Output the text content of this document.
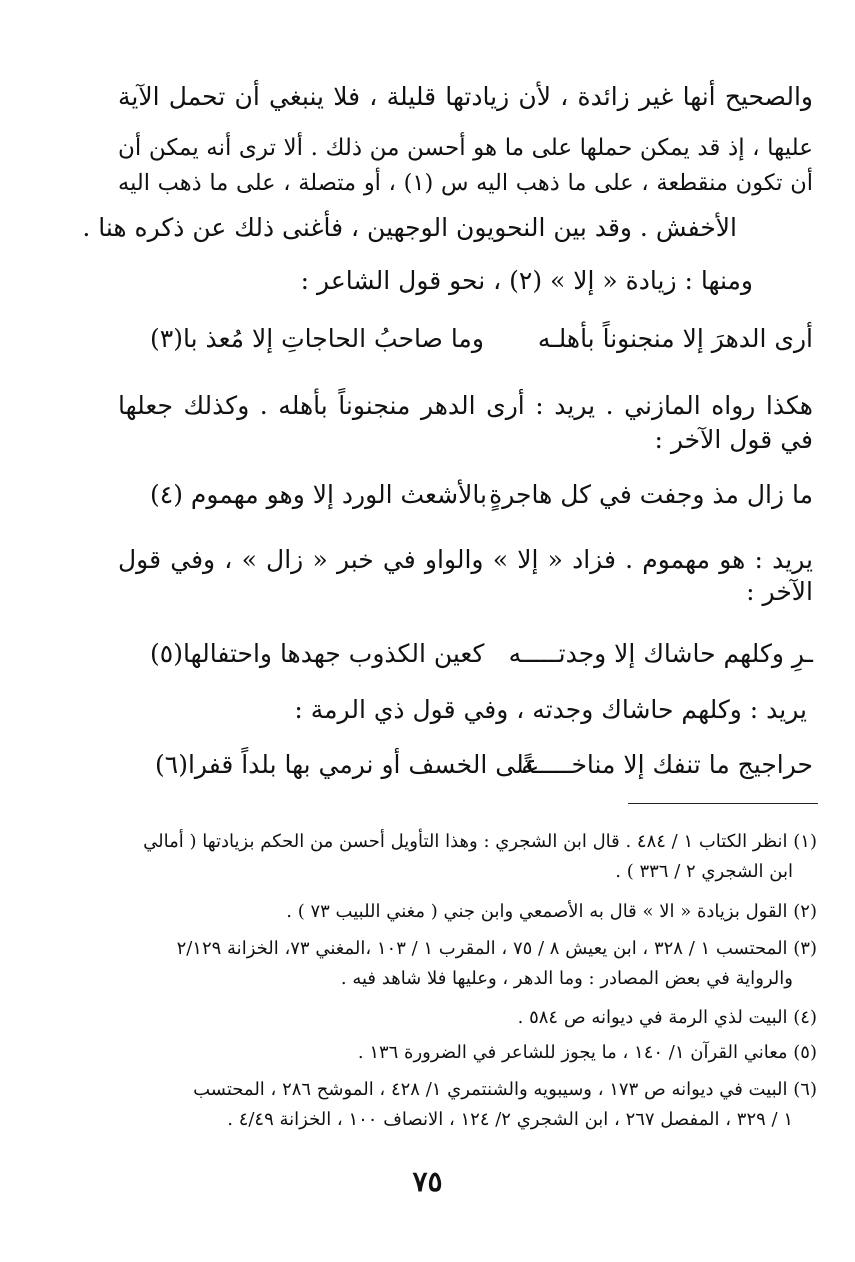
والصحيح أنها غير زائدة ، لأن زيادتها قليلة ، فلا ينبغي أن تحمل الآية
عليها ، إذ قد يمكن حملها على ما هو أحسن من ذلك . ألا ترى أنه يمكن أن
أن تكون منقطعة ، على ما ذهب اليه س (١) ، أو متصلة ، على ما ذهب اليه
الأخفش . وقد بين النحويون الوجهين ، فأغنى ذلك عن ذكره هنا .
ومنها : زيادة « إلا » (٢) ، نحو قول الشاعر :
أرى الدهرَ إلا منجنوناً بأهلـه
وما صاحبُ الحاجاتِ إلا مُعذ با(٣)
هكذا رواه المازني . يريد : أرى الدهر منجنوناً بأهله . وكذلك جعلها
في قول الآخر :
ما زال مذ وجفت في كل هاجرةٍ
بالأشعث الورد إلا وهو مهموم (٤)
يريد : هو مهموم . فزاد « إلا » والواو في خبر « زال » ، وفي قول
الآخر :
ـرِ وكلهم حاشاك إلا وجدتـــــه
كعين الكذوب جهدها واحتفالها(٥)
يريد : وكلهم حاشاك وجدته ، وفي قول ذي الرمة :
حراجيج ما تنفك إلا مناخـــــةً
على الخسف أو نرمي بها بلداً قفرا(٦)
(١) انظر الكتاب ١ / ٤٨٤ . قال ابن الشجري : وهذا التأويل أحسن من الحكم بزيادتها ( أمالي
ابن الشجري ٢ / ٣٣٦ ) .
(٢) القول بزيادة « الا » قال به الأصمعي وابن جني ( مغني اللبيب ٧٣ ) .
(٣) المحتسب ١ / ٣٢٨ ، ابن يعيش ٨ / ٧٥ ، المقرب ١ / ١٠٣ ،المغني ٧٣، الخزانة ٢/١٢٩
والرواية في بعض المصادر : وما الدهر ، وعليها فلا شاهد فيه .
(٤) البيت لذي الرمة في ديوانه ص ٥٨٤ .
(٥) معاني القرآن ١/ ١٤٠ ، ما يجوز للشاعر في الضرورة ١٣٦ .
(٦) البيت في ديوانه ص ١٧٣ ، وسيبويه والشنتمري ١/ ٤٢٨ ، الموشح ٢٨٦ ، المحتسب
١ / ٣٢٩ ، المفصل ٢٦٧ ، ابن الشجري ٢/ ١٢٤ ، الانصاف ١٠٠ ، الخزانة ٤/٤٩ .
٧٥
